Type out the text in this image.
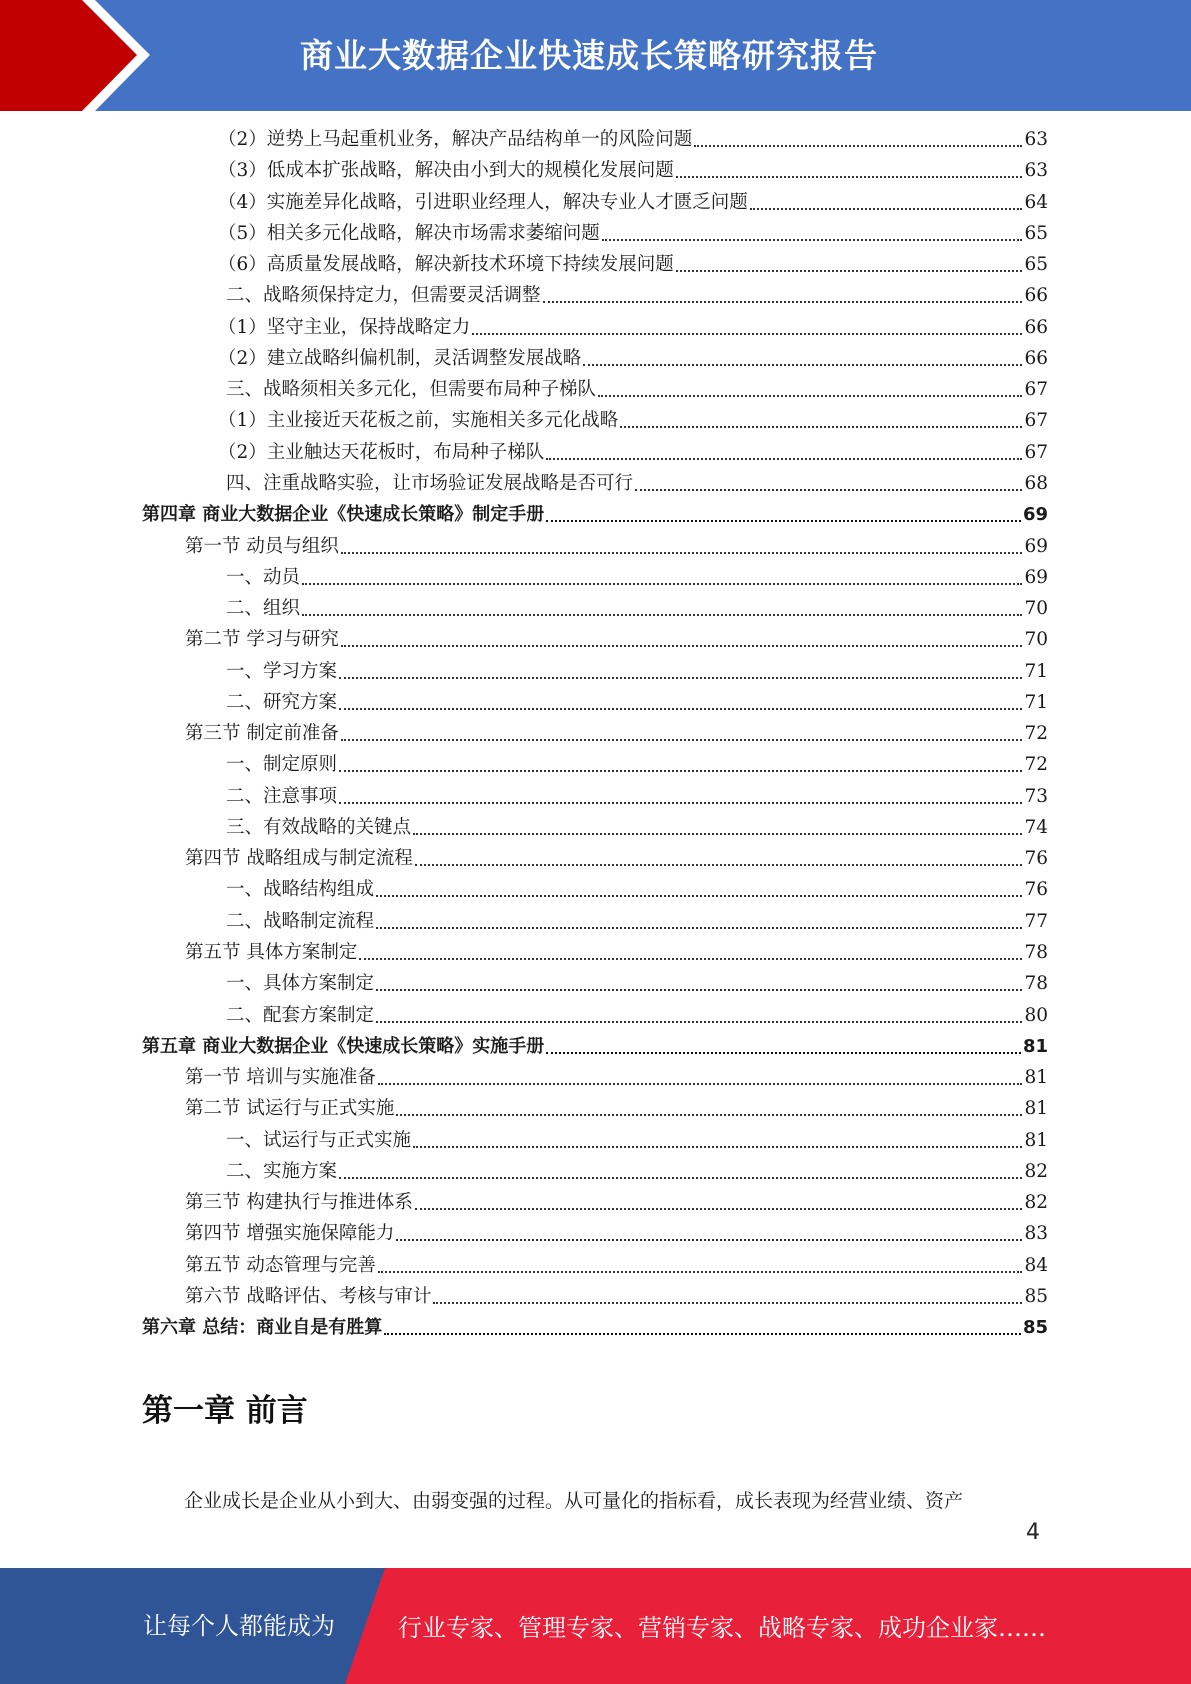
商业大数据企业快速成长策略研究报告
（2）逆势上马起重机业务，解决产品结构单一的风险问题	63
（3）低成本扩张战略，解决由小到大的规模化发展问题	63
（4）实施差异化战略，引进职业经理人，解决专业人才匮乏问题	64
（5）相关多元化战略，解决市场需求萎缩问题	65
（6）高质量发展战略，解决新技术环境下持续发展问题	65
二、战略须保持定力，但需要灵活调整	66
（1）坚守主业，保持战略定力	66
（2）建立战略纠偏机制，灵活调整发展战略	66
三、战略须相关多元化，但需要布局种子梯队	67
（1）主业接近天花板之前，实施相关多元化战略	67
（2）主业触达天花板时，布局种子梯队	67
四、注重战略实验，让市场验证发展战略是否可行	68
第四章 商业大数据企业《快速成长策略》制定手册	69
第一节 动员与组织	69
一、动员	69
二、组织	70
第二节 学习与研究	70
一、学习方案	71
二、研究方案	71
第三节 制定前准备	72
一、制定原则	72
二、注意事项	73
三、有效战略的关键点	74
第四节 战略组成与制定流程	76
一、战略结构组成	76
二、战略制定流程	77
第五节 具体方案制定	78
一、具体方案制定	78
二、配套方案制定	80
第五章 商业大数据企业《快速成长策略》实施手册	81
第一节 培训与实施准备	81
第二节 试运行与正式实施	81
一、试运行与正式实施	81
二、实施方案	82
第三节 构建执行与推进体系	82
第四节 增强实施保障能力	83
第五节 动态管理与完善	84
第六节 战略评估、考核与审计	85
第六章 总结：商业自是有胜算	85
第一章 前言
企业成长是企业从小到大、由弱变强的过程。从可量化的指标看，成长表现为经营业绩、资产
4
让每个人都能成为	行业专家、管理专家、营销专家、战略专家、成功企业家……
